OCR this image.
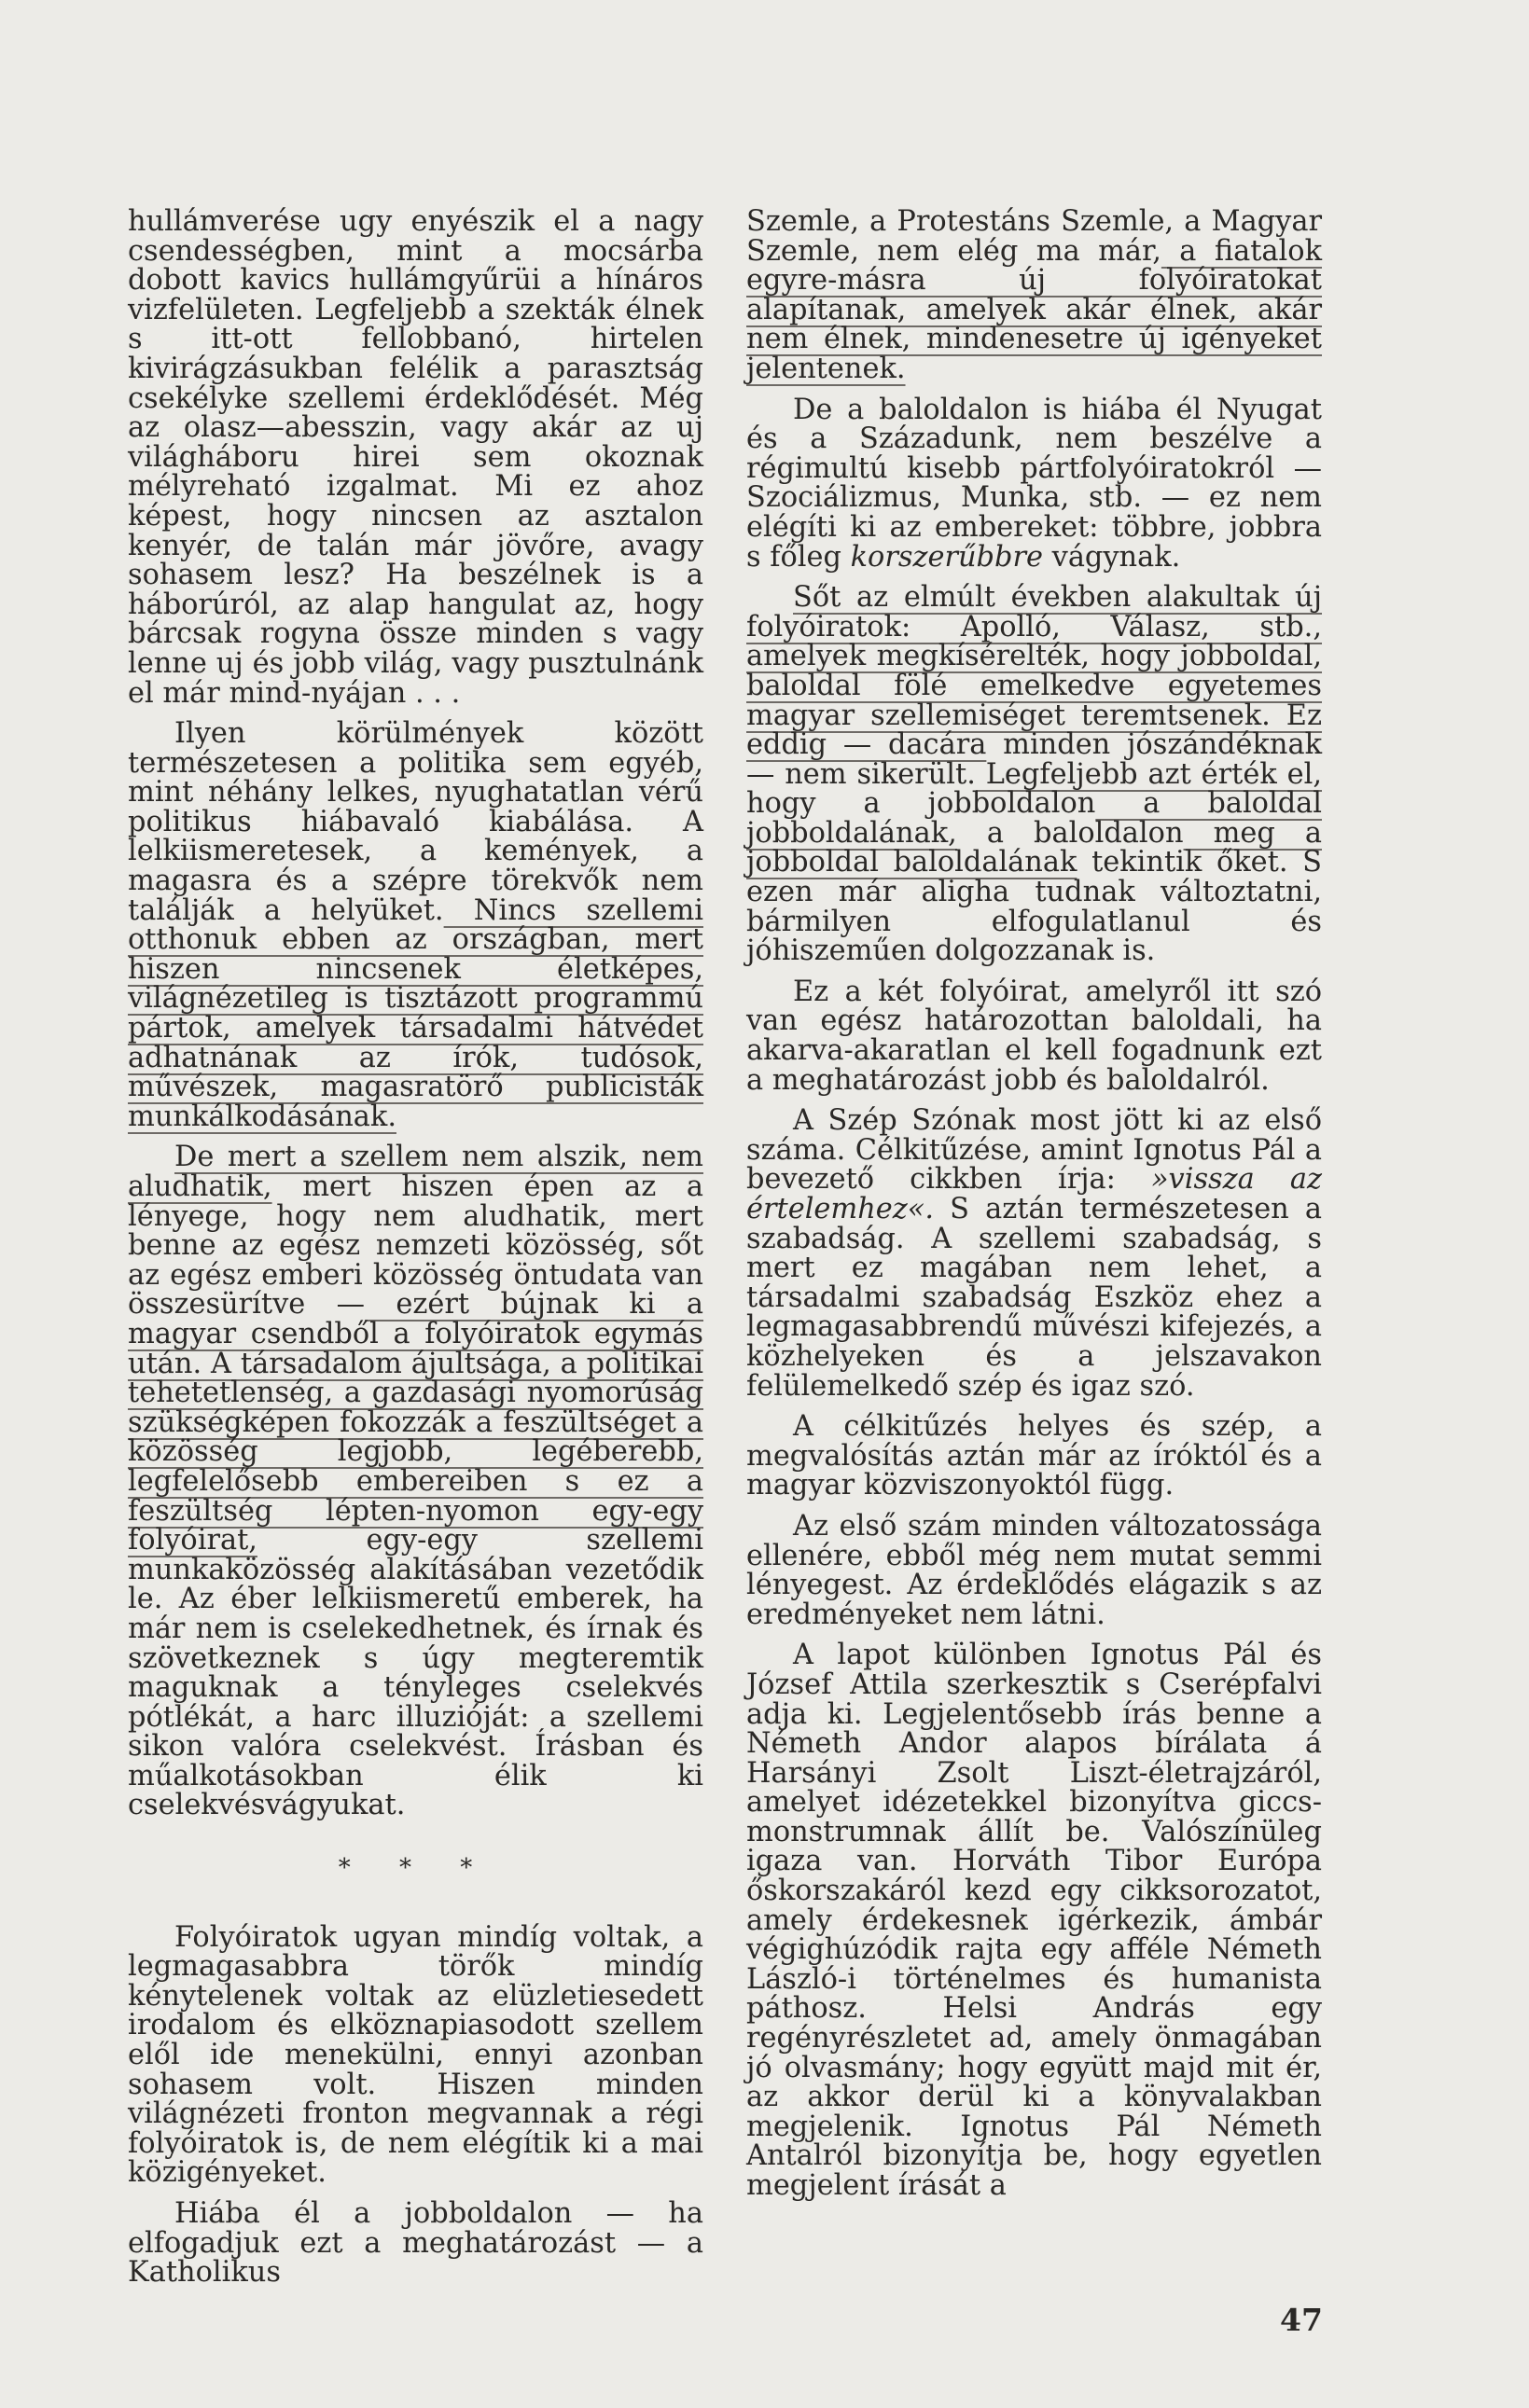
hullámverése ugy enyészik el a nagy csendességben, mint a mocsárba dobott kavics hullámgyűrüi a hínáros vizfelületen. Legfeljebb a szekták élnek s itt-ott fellobbanó, hirtelen kivirágzásukban felélik a parasztság csekélyke szellemi érdeklődését. Még az olasz—abesszin, vagy akár az uj világháboru hirei sem okoznak mélyreható izgalmat. Mi ez ahoz képest, hogy nincsen az asztalon kenyér, de talán már jövőre, avagy sohasem lesz? Ha beszélnek is a háborúról, az alap hangulat az, hogy bárcsak rogyna össze minden s vagy lenne uj és jobb világ, vagy pusztulnánk el már mind-nyájan . . .

Ilyen körülmények között természetesen a politika sem egyéb, mint néhány lelkes, nyughatatlan vérű politikus hiábavaló kiabálása. A lelkiismeretesek, a kemények, a magasra és a szépre törekvők nem találják a helyüket. Nincs szellemi otthonuk ebben az országban, mert hiszen nincsenek életképes, világnézetileg is tisztázott programmú pártok, amelyek társadalmi hátvédet adhatnának az írók, tudósok, művészek, magasratörő publicisták munkálkodásának.

De mert a szellem nem alszik, nem aludhatik, mert hiszen épen az a lényege, hogy nem aludhatik, mert benne az egész nemzeti közösség, sőt az egész emberi közösség öntudata van összesürítve — ezért bújnak ki a magyar csendből a folyóiratok egymás után. A társadalom ájultsága, a politikai tehetetlenség, a gazdasági nyomorúság szükségképen fokozzák a feszültséget a közösség legjobb, legéberebb, legfelelősebb embereiben s ez a feszültség lépten-nyomon egy-egy folyóirat, egy-egy szellemi munkaközösség alakításában vezetődik le. Az éber lelkiismeretű emberek, ha már nem is cselekedhetnek, és írnak és szövetkeznek s úgy megteremtik maguknak a tényleges cselekvés pótlékát, a harc illuzióját: a szellemi sikon valóra cselekvést. Írásban és műalkotásokban élik ki cselekvésvágyukat.

* * *

Folyóiratok ugyan mindíg voltak, a legmagasabbra törők mindíg kénytelenek voltak az elüzletiesedett irodalom és elköznapiasodott szellem elől ide menekülni, ennyi azonban sohasem volt. Hiszen minden világnézeti fronton megvannak a régi folyóiratok is, de nem elégítik ki a mai közigényeket.

Hiába él a jobboldalon — ha elfogadjuk ezt a meghatározást — a Katholikus

Szemle, a Protestáns Szemle, a Magyar Szemle, nem elég ma már, a fiatalok egyre-másra új folyóiratokat alapítanak, amelyek akár élnek, akár nem élnek, mindenesetre új igényeket jelentenek.

De a baloldalon is hiába él Nyugat és a Századunk, nem beszélve a régimultú kisebb pártfolyóiratokról — Szociálizmus, Munka, stb. — ez nem elégíti ki az embereket: többre, jobbra s főleg korszerűbbre vágynak.

Sőt az elmúlt években alakultak új folyóiratok: Apolló, Válasz, stb., amelyek megkísérelték, hogy jobboldal, baloldal fölé emelkedve egyetemes magyar szellemiséget teremtsenek. Ez eddig — dacára minden jószándéknak — nem sikerült. Legfeljebb azt érték el, hogy a jobboldalon a baloldal jobboldalának, a baloldalon meg a jobboldal baloldalának tekintik őket. S ezen már aligha tudnak változtatni, bármilyen elfogulatlanul és jóhiszeműen dolgozzanak is.

Ez a két folyóirat, amelyről itt szó van egész határozottan baloldali, ha akarva-akaratlan el kell fogadnunk ezt a meghatározást jobb és baloldalról.

A Szép Szónak most jött ki az első száma. Célkitűzése, amint Ignotus Pál a bevezető cikkben írja: »vissza az értelemhez«. S aztán természetesen a szabadság. A szellemi szabadság, s mert ez magában nem lehet, a társadalmi szabadság Eszköz ehez a legmagasabbrendű művészi kifejezés, a közhelyeken és a jelszavakon felülemelkedő szép és igaz szó.

A célkitűzés helyes és szép, a megvalósítás aztán már az íróktól és a magyar közviszonyoktól függ.

Az első szám minden változatossága ellenére, ebből még nem mutat semmi lényegest. Az érdeklődés elágazik s az eredményeket nem látni.

A lapot különben Ignotus Pál és József Attila szerkesztik s Cserépfalvi adja ki. Legjelentősebb írás benne a Németh Andor alapos bírálata á Harsányi Zsolt Liszt-életrajzáról, amelyet idézetekkel bizonyítva giccs-monstrumnak állít be. Valószínüleg igaza van. Horváth Tibor Európa őskorszakáról kezd egy cikksorozatot, amely érdekesnek igérkezik, ámbár végighúzódik rajta egy afféle Németh László-i történelmes és humanista páthosz. Helsi András egy regényrészletet ad, amely önmagában jó olvasmány; hogy együtt majd mit ér, az akkor derül ki a könyvalakban megjelenik. Ignotus Pál Németh Antalról bizonyítja be, hogy egyetlen megjelent írását a

47
